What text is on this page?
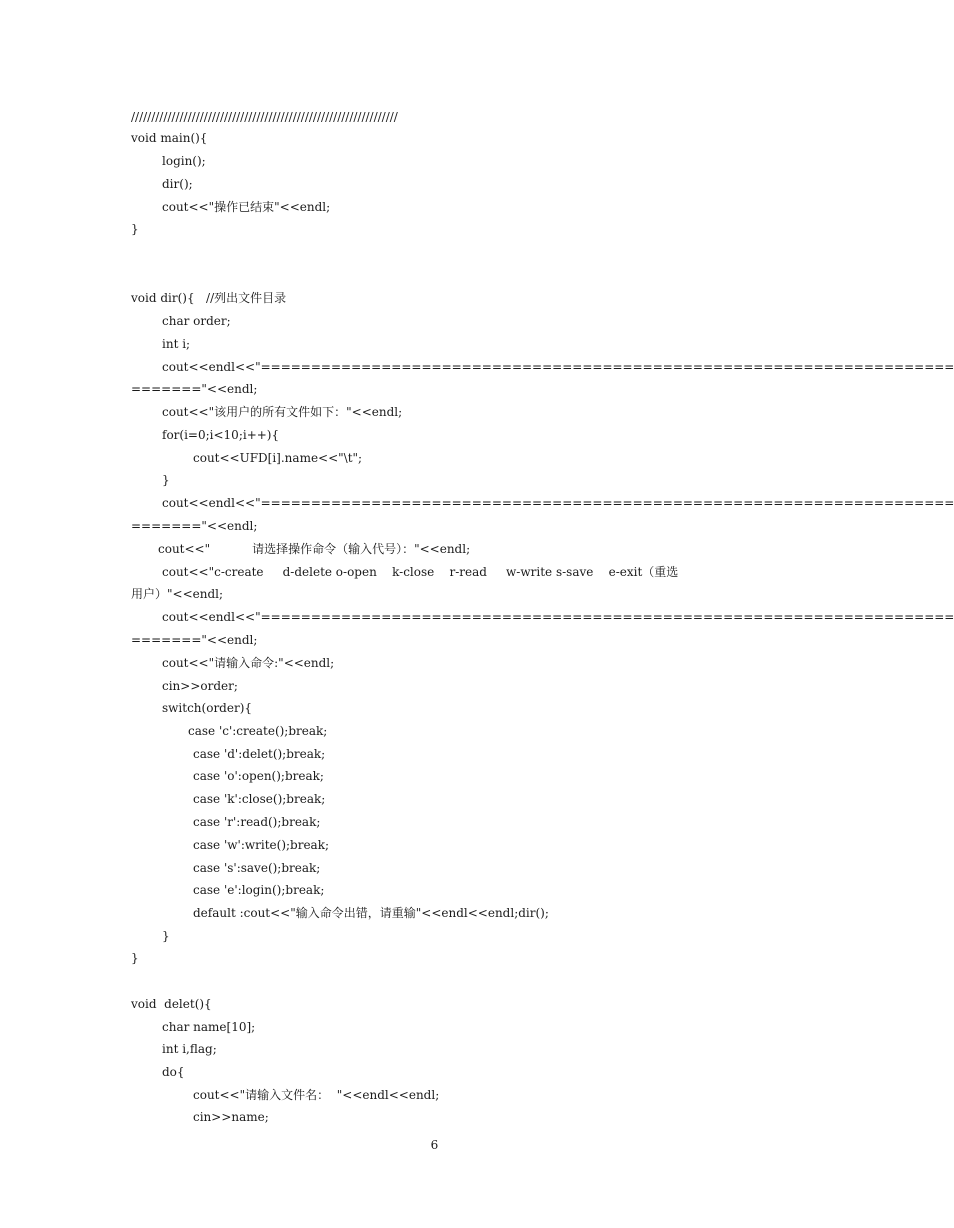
//////////////////////////////////////////////////////////////////
void main(){
login();
dir();
cout<<"操作已结束"<<endl;
}
void dir(){   //列出文件目录
char order;
int i;
cout<<endl<<"=====================================================================
======="<<endl;
cout<<"该用户的所有文件如下："<<endl;
for(i=0;i<10;i++){
cout<<UFD[i].name<<"\t";
}
cout<<endl<<"=====================================================================
======="<<endl;
cout<<"           请选择操作命令（输入代号）："<<endl;
cout<<"c-create     d-delete o-open    k-close    r-read     w-write s-save    e-exit（重选
用户）"<<endl;
cout<<endl<<"=====================================================================
======="<<endl;
cout<<"请输入命令:"<<endl;
cin>>order;
switch(order){
case 'c':create();break;
case 'd':delet();break;
case 'o':open();break;
case 'k':close();break;
case 'r':read();break;
case 'w':write();break;
case 's':save();break;
case 'e':login();break;
default :cout<<"输入命令出错，请重输"<<endl<<endl;dir();
}
}
void  delet(){
char name[10];
int i,flag;
do{
cout<<"请输入文件名：  "<<endl<<endl;
cin>>name;
6
